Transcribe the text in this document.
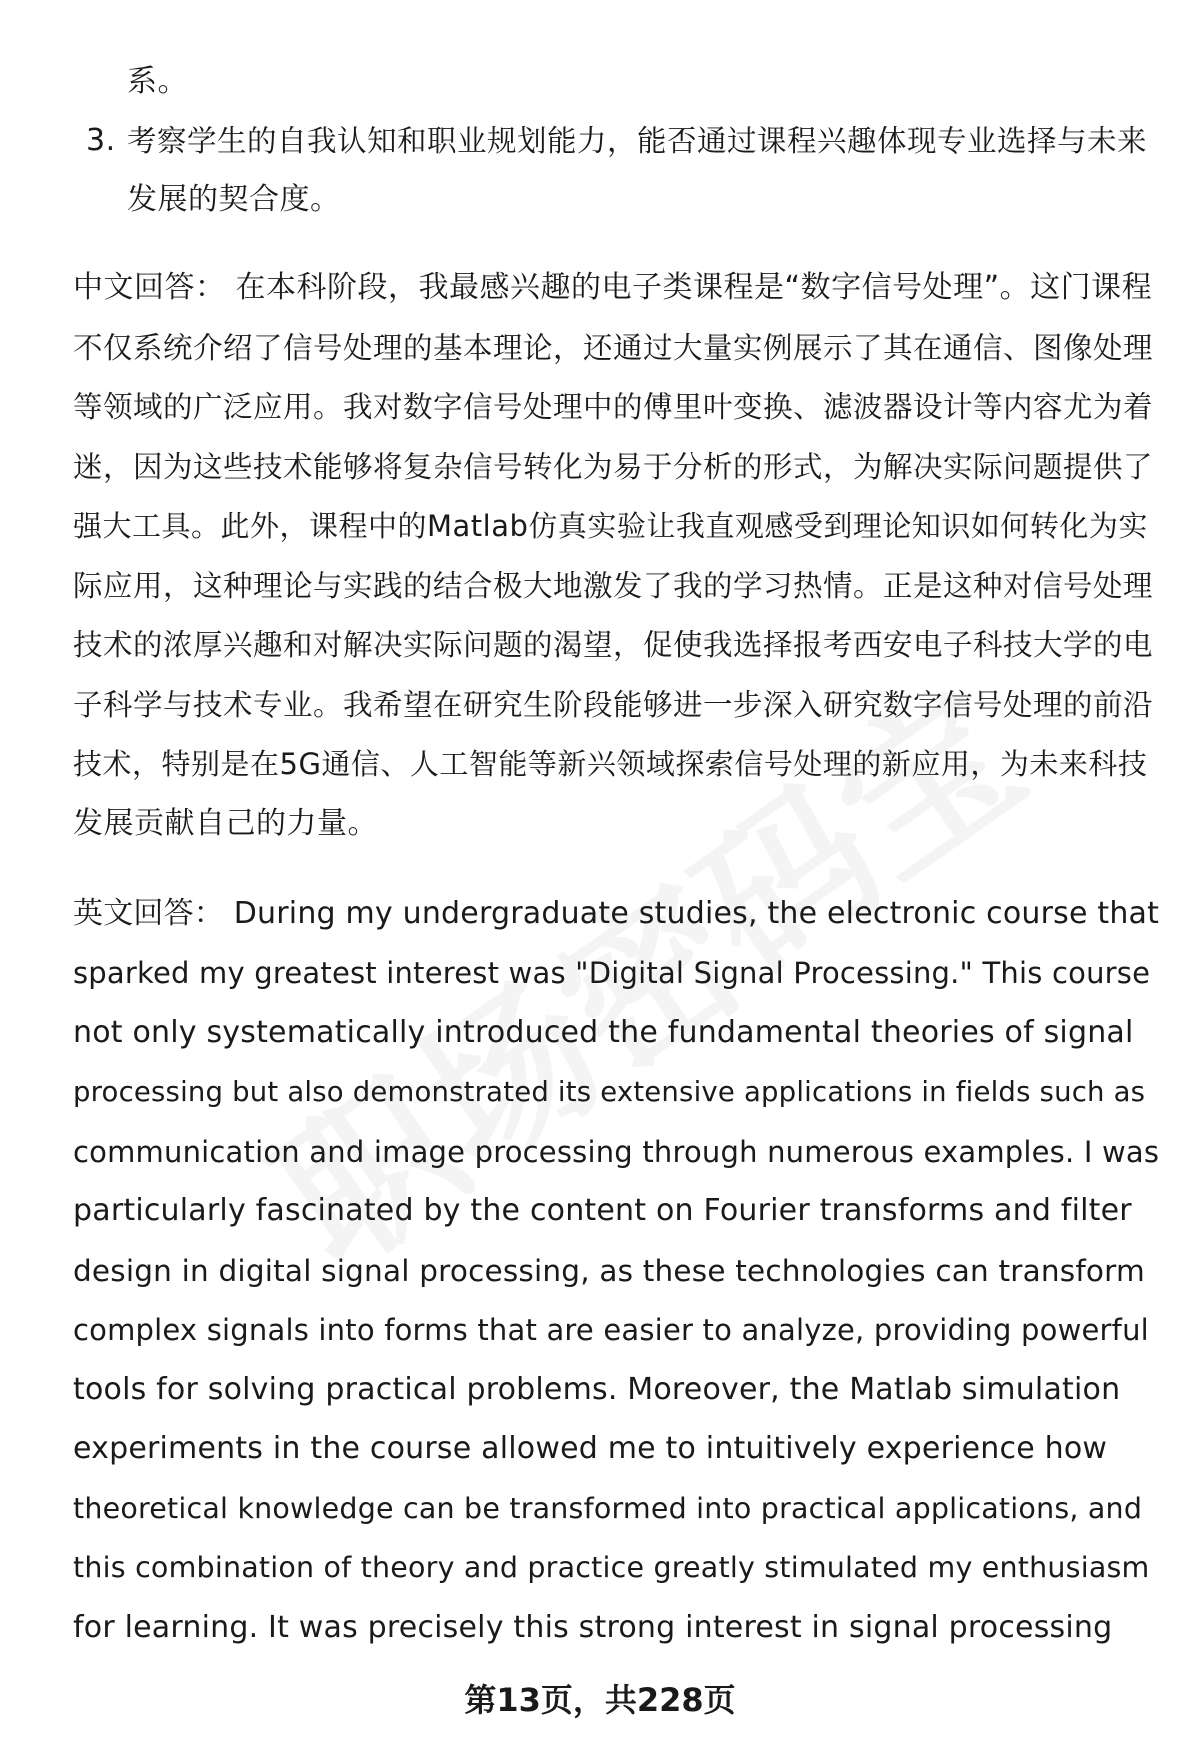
系。
3. 考察学生的自我认知和职业规划能力，能否通过课程兴趣体现专业选择与未来
发展的契合度。
中文回答： 在本科阶段，我最感兴趣的电子类课程是“数字信号处理”。这门课程
不仅系统介绍了信号处理的基本理论，还通过大量实例展示了其在通信、图像处理
等领域的广泛应用。我对数字信号处理中的傅里叶变换、滤波器设计等内容尤为着
迷，因为这些技术能够将复杂信号转化为易于分析的形式，为解决实际问题提供了
强大工具。此外，课程中的Matlab仿真实验让我直观感受到理论知识如何转化为实
际应用，这种理论与实践的结合极大地激发了我的学习热情。正是这种对信号处理
技术的浓厚兴趣和对解决实际问题的渴望，促使我选择报考西安电子科技大学的电
子科学与技术专业。我希望在研究生阶段能够进一步深入研究数字信号处理的前沿
技术，特别是在5G通信、人工智能等新兴领域探索信号处理的新应用，为未来科技
发展贡献自己的力量。
英文回答： During my undergraduate studies, the electronic course that
sparked my greatest interest was "Digital Signal Processing." This course
not only systematically introduced the fundamental theories of signal
processing but also demonstrated its extensive applications in fields such as
communication and image processing through numerous examples. I was
particularly fascinated by the content on Fourier transforms and filter
design in digital signal processing, as these technologies can transform
complex signals into forms that are easier to analyze, providing powerful
tools for solving practical problems. Moreover, the Matlab simulation
experiments in the course allowed me to intuitively experience how
theoretical knowledge can be transformed into practical applications, and
this combination of theory and practice greatly stimulated my enthusiasm
for learning. It was precisely this strong interest in signal processing
第13页，共228页
